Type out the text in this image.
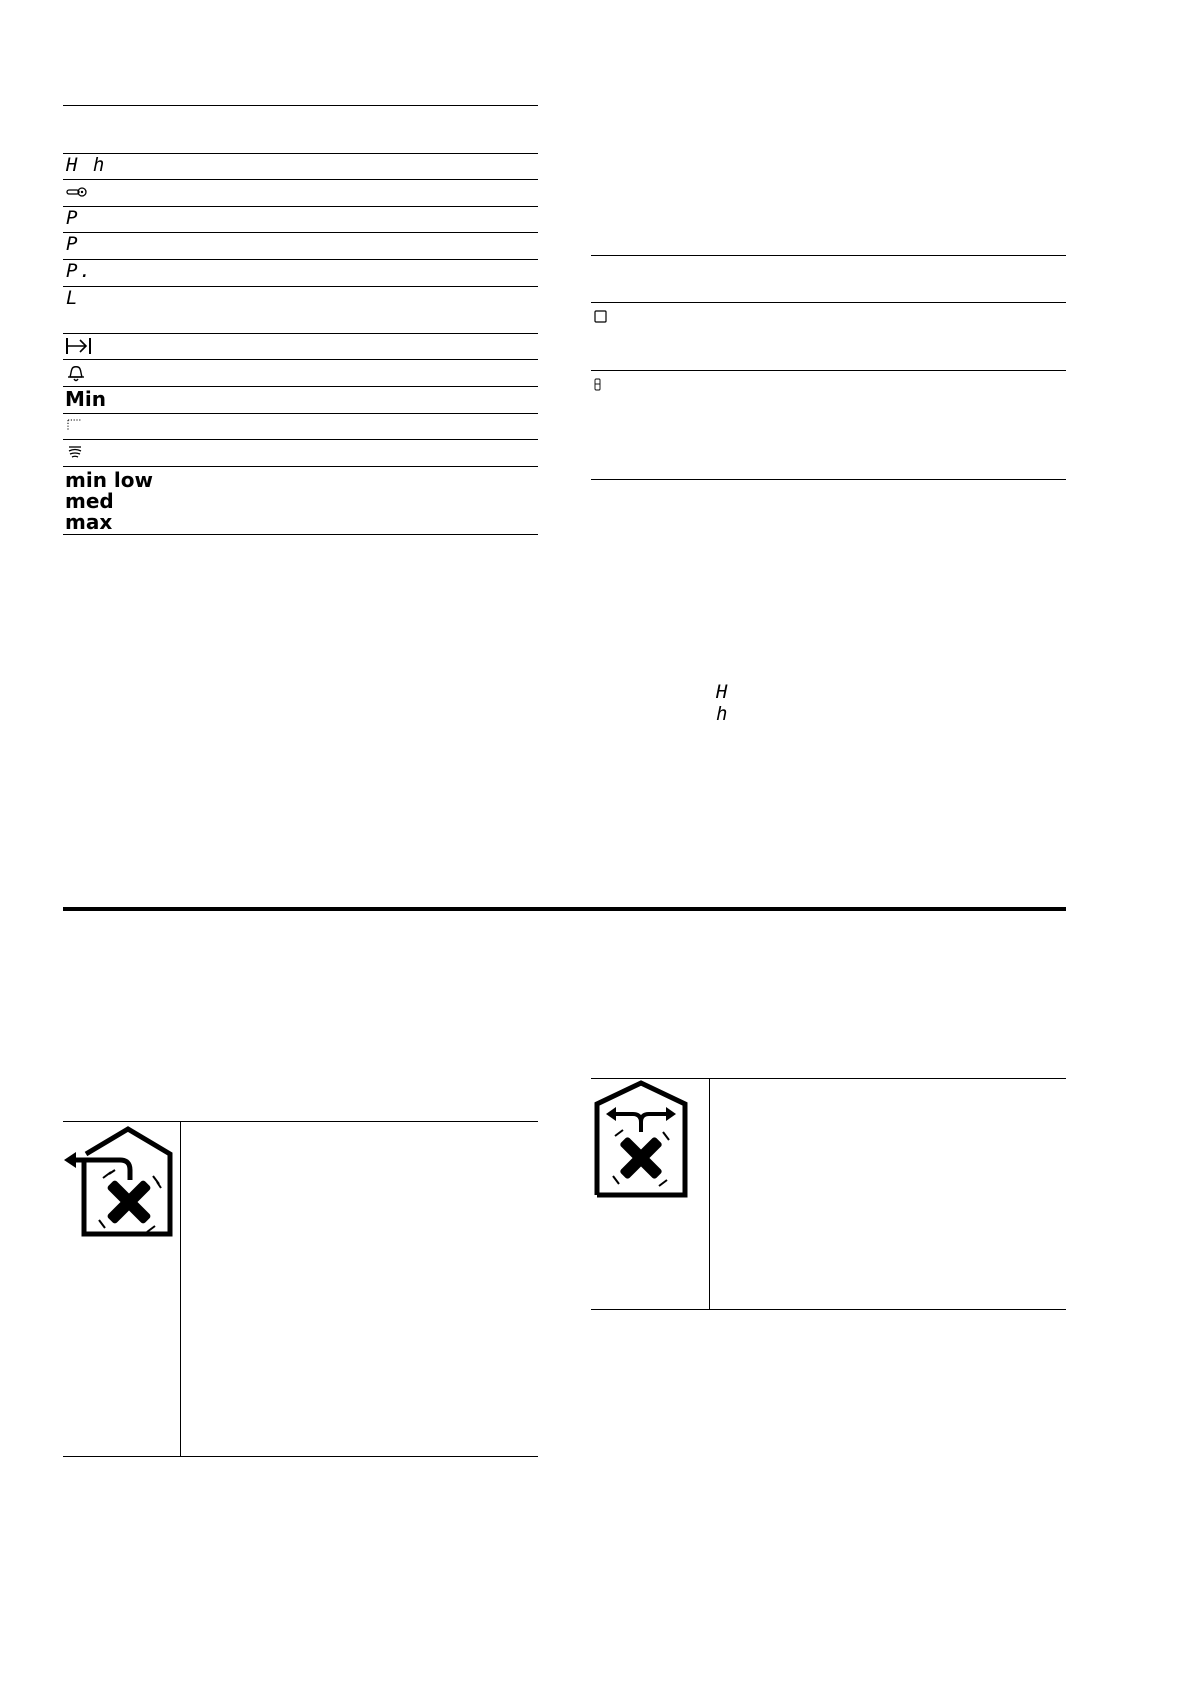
H h
P
P
P.
L
Min
min low
med
max
H
h
